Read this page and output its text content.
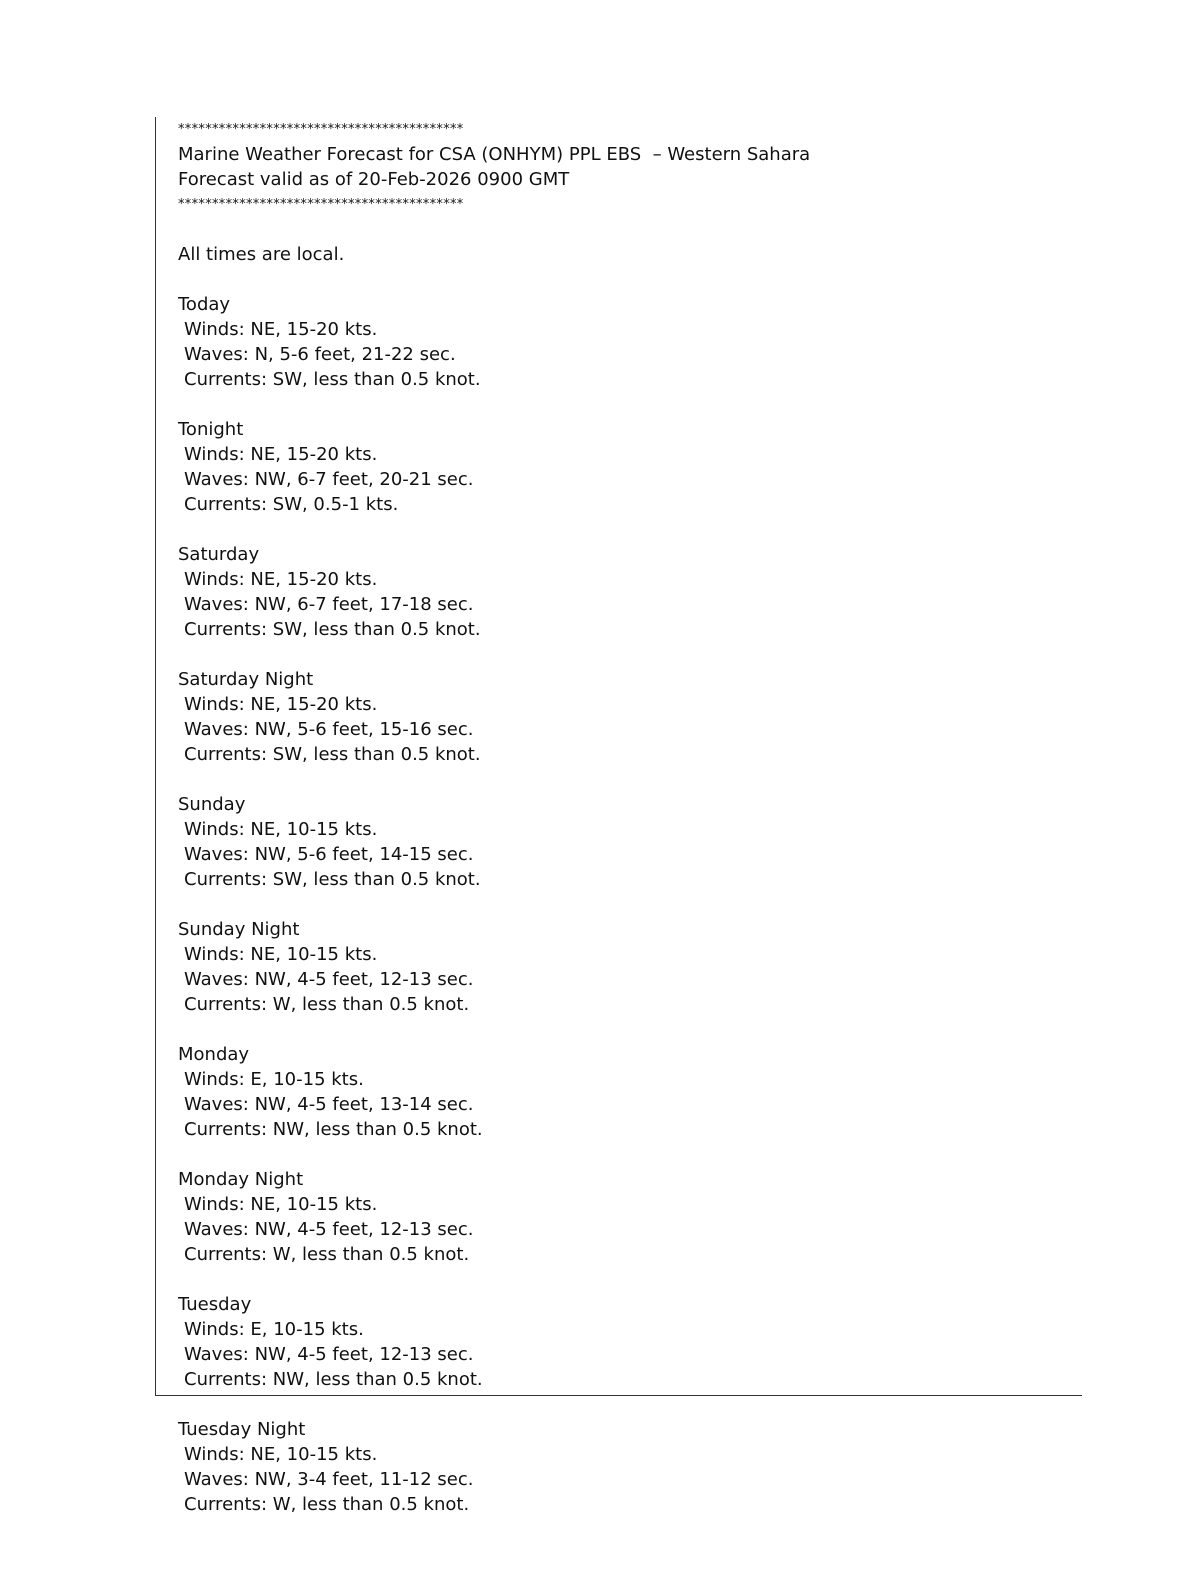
******************************************
Marine Weather Forecast for CSA (ONHYM) PPL EBS  – Western Sahara
Forecast valid as of 20-Feb-2026 0900 GMT
******************************************
All times are local.
Today
Winds: NE, 15-20 kts.
Waves: N, 5-6 feet, 21-22 sec.
Currents: SW, less than 0.5 knot.
Tonight
Winds: NE, 15-20 kts.
Waves: NW, 6-7 feet, 20-21 sec.
Currents: SW, 0.5-1 kts.
Saturday
Winds: NE, 15-20 kts.
Waves: NW, 6-7 feet, 17-18 sec.
Currents: SW, less than 0.5 knot.
Saturday Night
Winds: NE, 15-20 kts.
Waves: NW, 5-6 feet, 15-16 sec.
Currents: SW, less than 0.5 knot.
Sunday
Winds: NE, 10-15 kts.
Waves: NW, 5-6 feet, 14-15 sec.
Currents: SW, less than 0.5 knot.
Sunday Night
Winds: NE, 10-15 kts.
Waves: NW, 4-5 feet, 12-13 sec.
Currents: W, less than 0.5 knot.
Monday
Winds: E, 10-15 kts.
Waves: NW, 4-5 feet, 13-14 sec.
Currents: NW, less than 0.5 knot.
Monday Night
Winds: NE, 10-15 kts.
Waves: NW, 4-5 feet, 12-13 sec.
Currents: W, less than 0.5 knot.
Tuesday
Winds: E, 10-15 kts.
Waves: NW, 4-5 feet, 12-13 sec.
Currents: NW, less than 0.5 knot.
Tuesday Night
Winds: NE, 10-15 kts.
Waves: NW, 3-4 feet, 11-12 sec.
Currents: W, less than 0.5 knot.
